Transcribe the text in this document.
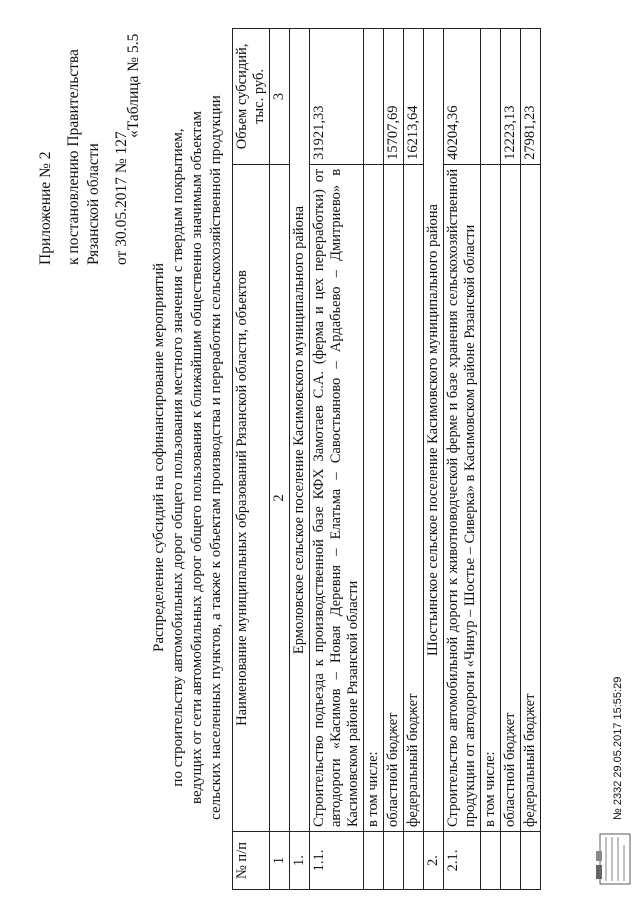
Приложение № 2 к постановлению Правительства Рязанской области от 30.05.2017 № 127
«Таблица № 5.5
Распределение субсидий на софинансирование мероприятий по строительству автомобильных дорог общего пользования местного значения с твердым покрытием, ведущих от сети автомобильных дорог общего пользования к ближайшим общественно значимым объектам сельских населенных пунктов, а также к объектам производства и переработки сельскохозяйственной продукции
№ п/п	Наименование муниципальных образований Рязанской области, объектов	Объем субсидий, тыс. руб.
1	2	3
1.	Ермоловское сельское поселение Касимовского муниципального района	
1.1.	Строительство подъезда к производственной базе КФХ Замотаев С.А. (ферма и цех переработки) от автодороги «Касимов – Новая Деревня – Елатьма – Савостьяново – Ардабьево – Дмитриево» в Касимовском районе Рязанской области	31921,33
	в том числе:	
	областной бюджет	15707,69
	федеральный бюджет	16213,64
2.	Шостьинское сельское поселение Касимовского муниципального района	
2.1.	Строительство автомобильной дороги к животноводческой ферме и базе хранения сельскохозяйственной продукции от автодороги «Чинур – Шостье – Сиверка» в Касимовском районе Рязанской области	40204,36
	в том числе:	
	областной бюджет	12223,13
	федеральный бюджет	27981,23
№ 2332 29.05.2017 15:55:29
